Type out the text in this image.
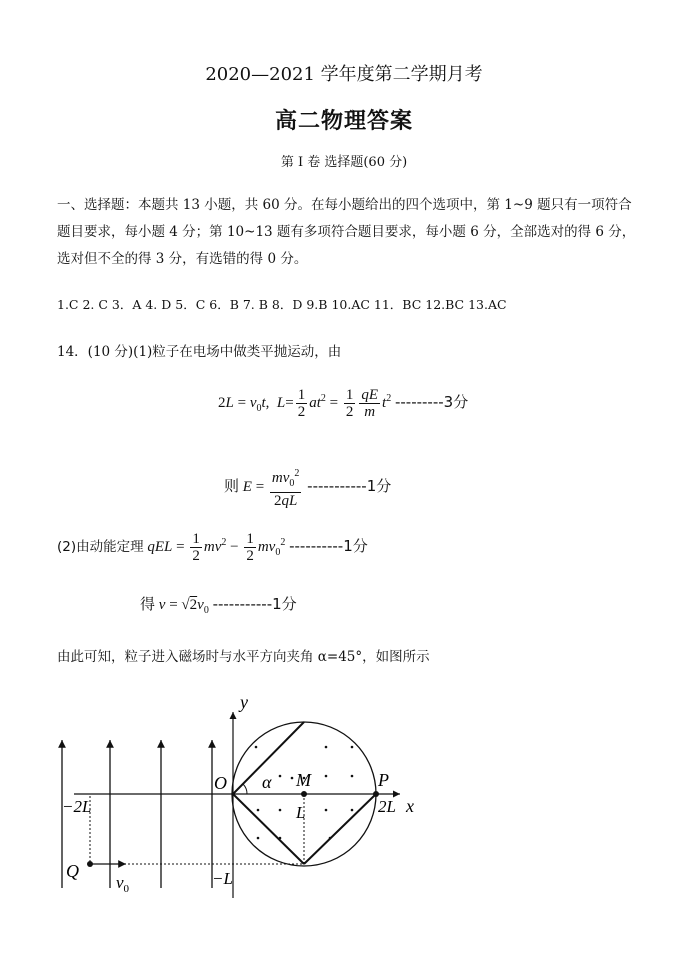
2020—2021 学年度第二学期月考
高二物理答案
第 I 卷 选择题(60 分)
一、选择题：本题共 13 小题，共 60 分。在每小题给出的四个选项中，第 1~9 题只有一项符合
题目要求，每小题 4 分；第 10~13 题有多项符合题目要求，每小题 6 分，全部选对的得 6 分，
选对但不全的得 3 分，有选错的得 0 分。
1.C 2. C 3．A 4. D 5．C 6．B 7. B 8．D 9.B 10.AC 11．BC 12.BC 13.AC
14．(10 分)(1)粒子在电场中做类平抛运动，由
$2L = v_0t$,  $L= \frac{1}{2} at^2 = \frac{1}{2} \frac{qE}{m} t^2$ ---------3分
则 $E = \frac{mv_0^2}{2qL} -----------1$分
(2)由动能定理 qEL = $\frac{1}{2} mv^2 - \frac{1}{2} mv_0^2$ ----------1分
得 $v = √2v_0$ -----------1分
由此可知，粒子进入磁场时与水平方向夹角 α=45°，如图所示
y
x
O	M	P
α
−2L	L	2L
Q
$v_0$
−L
